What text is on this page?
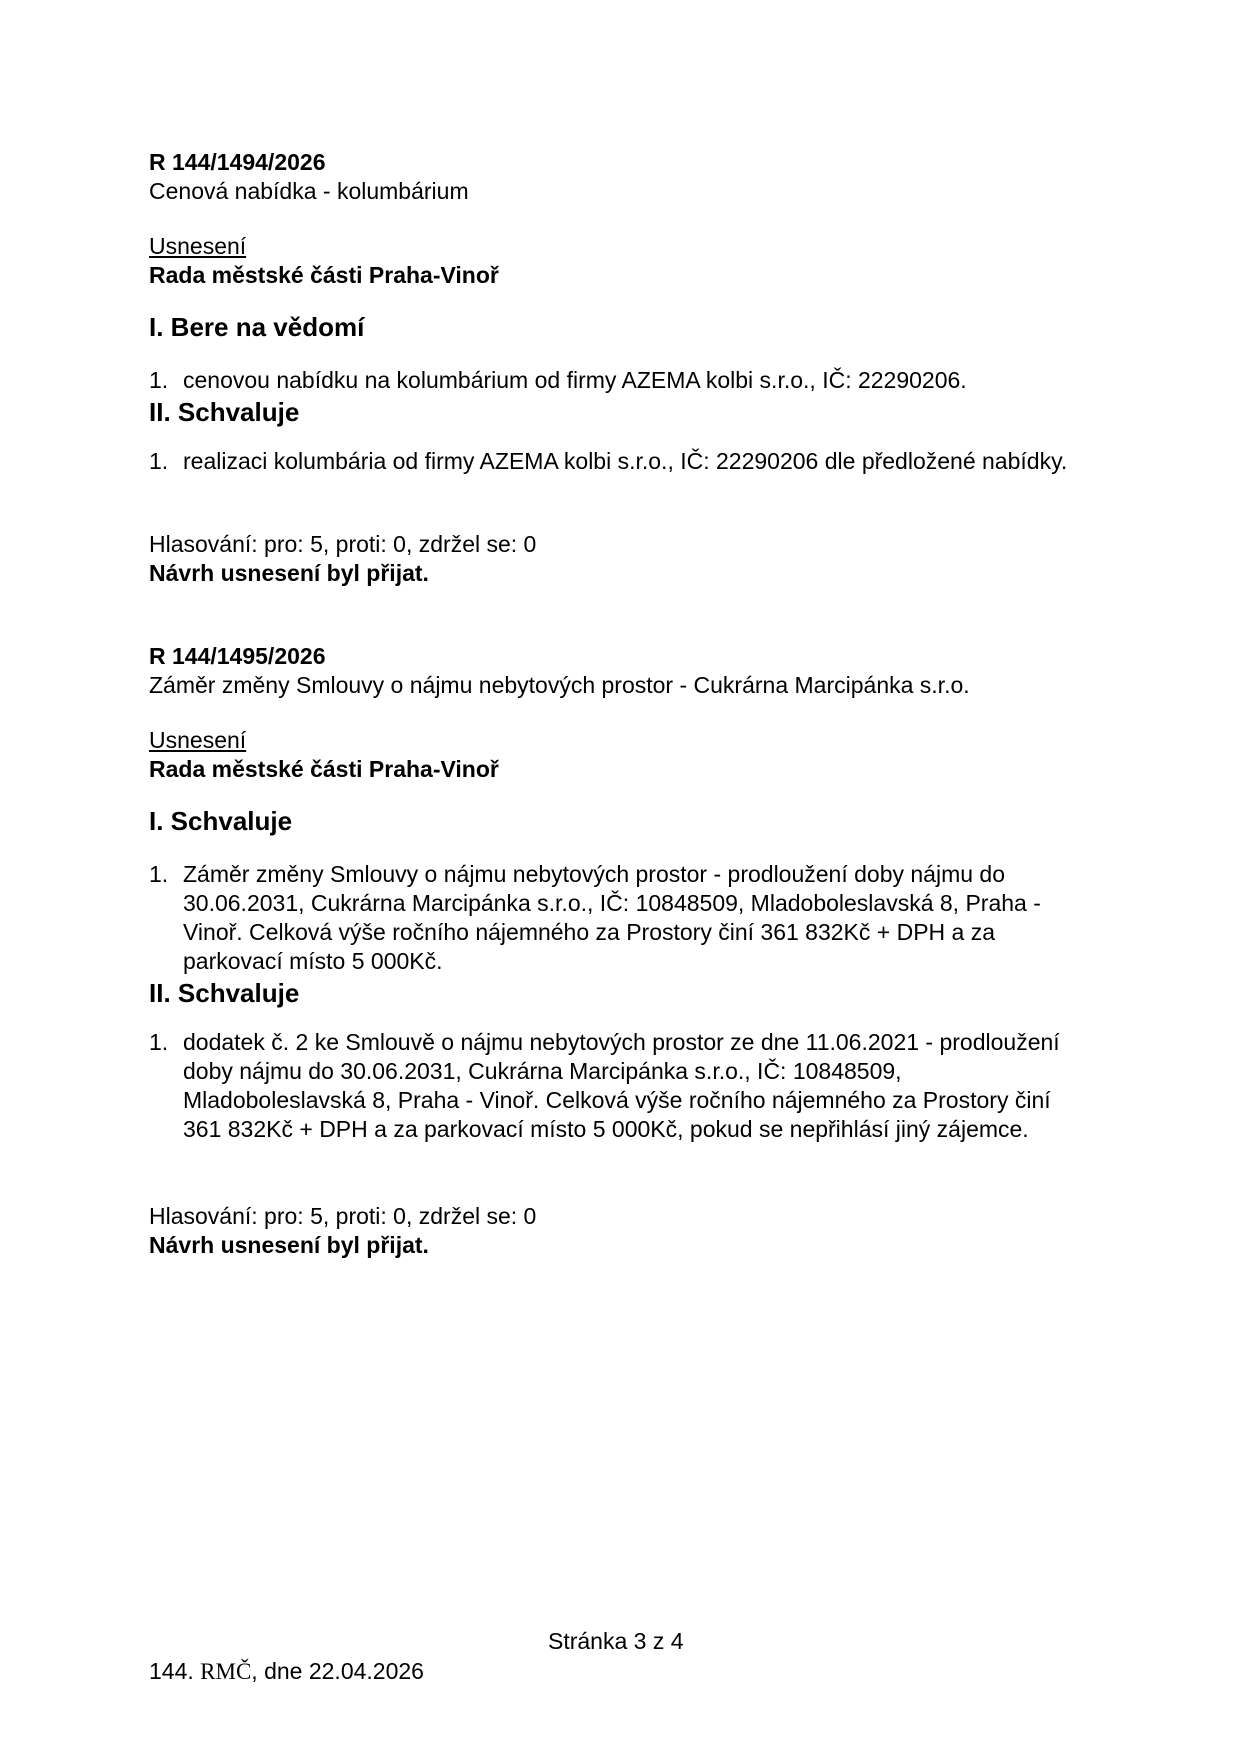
R 144/1494/2026
Cenová nabídka - kolumbárium
Usnesení
Rada městské části Praha-Vinoř
I. Bere na vědomí
1. cenovou nabídku na kolumbárium od firmy AZEMA kolbi s.r.o., IČ: 22290206.
II. Schvaluje
1. realizaci kolumbária od firmy AZEMA kolbi s.r.o., IČ: 22290206 dle předložené nabídky.
Hlasování: pro: 5, proti: 0, zdržel se: 0
Návrh usnesení byl přijat.
R 144/1495/2026
Záměr změny Smlouvy o nájmu nebytových prostor - Cukrárna Marcipánka s.r.o.
Usnesení
Rada městské části Praha-Vinoř
I. Schvaluje
1. Záměr změny Smlouvy o nájmu nebytových prostor - prodloužení doby nájmu do 30.06.2031, Cukrárna Marcipánka s.r.o., IČ: 10848509, Mladoboleslavská 8, Praha - Vinoř. Celková výše ročního nájemného za Prostory činí 361 832Kč + DPH a za parkovací místo 5 000Kč.
II. Schvaluje
1. dodatek č. 2 ke Smlouvě o nájmu nebytových prostor ze dne 11.06.2021 - prodloužení doby nájmu do 30.06.2031, Cukrárna Marcipánka s.r.o., IČ: 10848509, Mladoboleslavská 8, Praha - Vinoř. Celková výše ročního nájemného za Prostory činí 361 832Kč + DPH a za parkovací místo 5 000Kč, pokud se nepřihlásí jiný zájemce.
Hlasování: pro: 5, proti: 0, zdržel se: 0
Návrh usnesení byl přijat.
Stránka 3 z 4
144. RMČ, dne 22.04.2026
